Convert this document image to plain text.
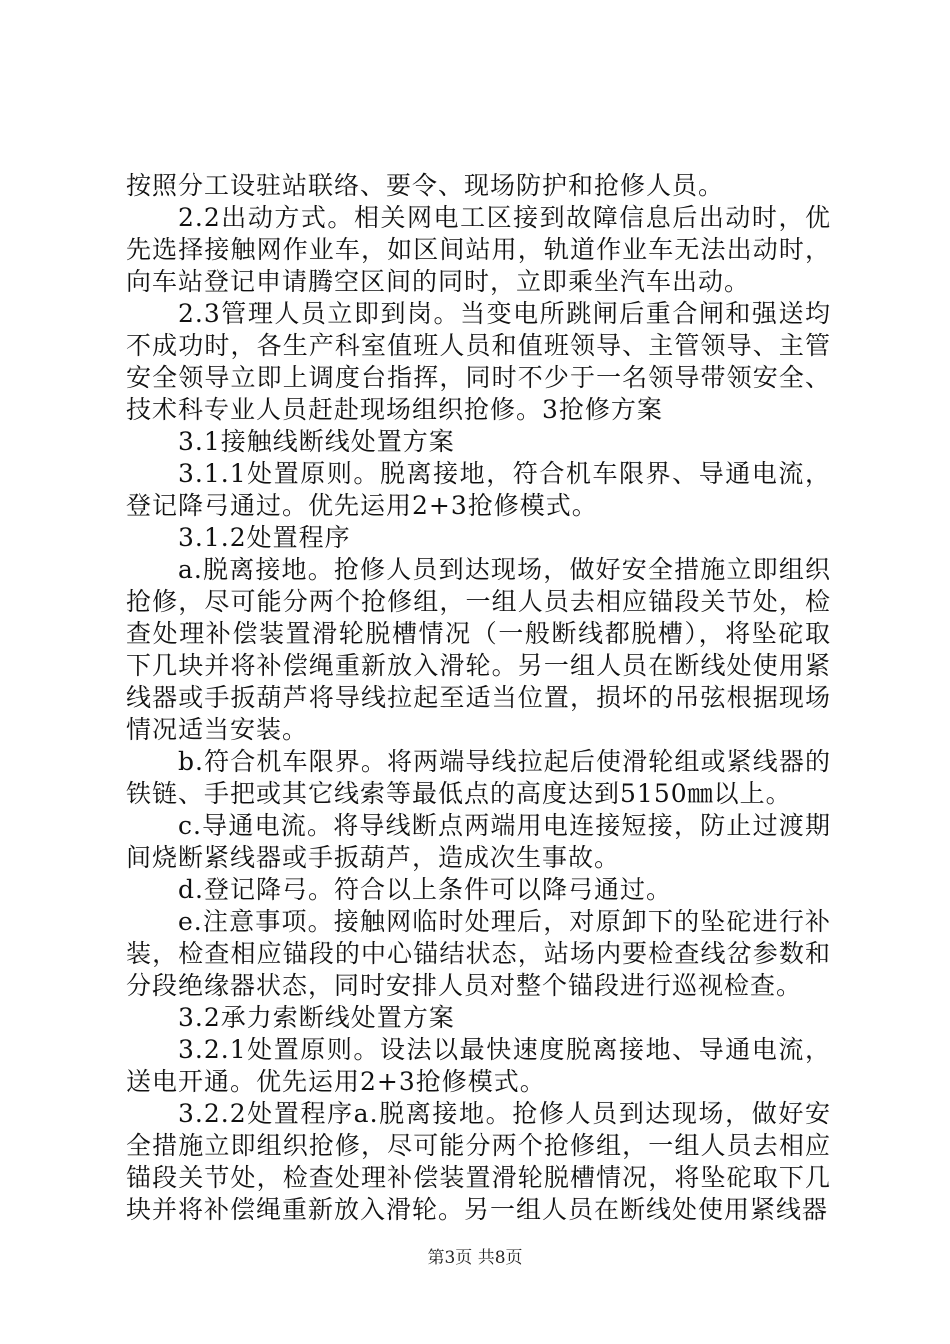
按照分工设驻站联络、要令、现场防护和抢修人员。

2.2出动方式。相关网电工区接到故障信息后出动时，优先选择接触网作业车，如区间站用，轨道作业车无法出动时，向车站登记申请腾空区间的同时，立即乘坐汽车出动。

2.3管理人员立即到岗。当变电所跳闸后重合闸和强送均不成功时，各生产科室值班人员和值班领导、主管领导、主管安全领导立即上调度台指挥，同时不少于一名领导带领安全、技术科专业人员赶赴现场组织抢修。3抢修方案

3.1接触线断线处置方案

3.1.1处置原则。脱离接地，符合机车限界、导通电流，登记降弓通过。优先运用2+3抢修模式。

3.1.2处置程序

a.脱离接地。抢修人员到达现场，做好安全措施立即组织抢修，尽可能分两个抢修组，一组人员去相应锚段关节处，检查处理补偿装置滑轮脱槽情况（一般断线都脱槽），将坠砣取下几块并将补偿绳重新放入滑轮。另一组人员在断线处使用紧线器或手扳葫芦将导线拉起至适当位置，损坏的吊弦根据现场情况适当安装。

b.符合机车限界。将两端导线拉起后使滑轮组或紧线器的铁链、手把或其它线索等最低点的高度达到5150㎜以上。

c.导通电流。将导线断点两端用电连接短接，防止过渡期间烧断紧线器或手扳葫芦，造成次生事故。

d.登记降弓。符合以上条件可以降弓通过。

e.注意事项。接触网临时处理后，对原卸下的坠砣进行补装，检查相应锚段的中心锚结状态，站场内要检查线岔参数和分段绝缘器状态，同时安排人员对整个锚段进行巡视检查。

3.2承力索断线处置方案

3.2.1处置原则。设法以最快速度脱离接地、导通电流，送电开通。优先运用2+3抢修模式。

3.2.2处置程序a.脱离接地。抢修人员到达现场，做好安全措施立即组织抢修，尽可能分两个抢修组，一组人员去相应锚段关节处，检查处理补偿装置滑轮脱槽情况，将坠砣取下几块并将补偿绳重新放入滑轮。另一组人员在断线处使用紧线器

第3页 共8页
